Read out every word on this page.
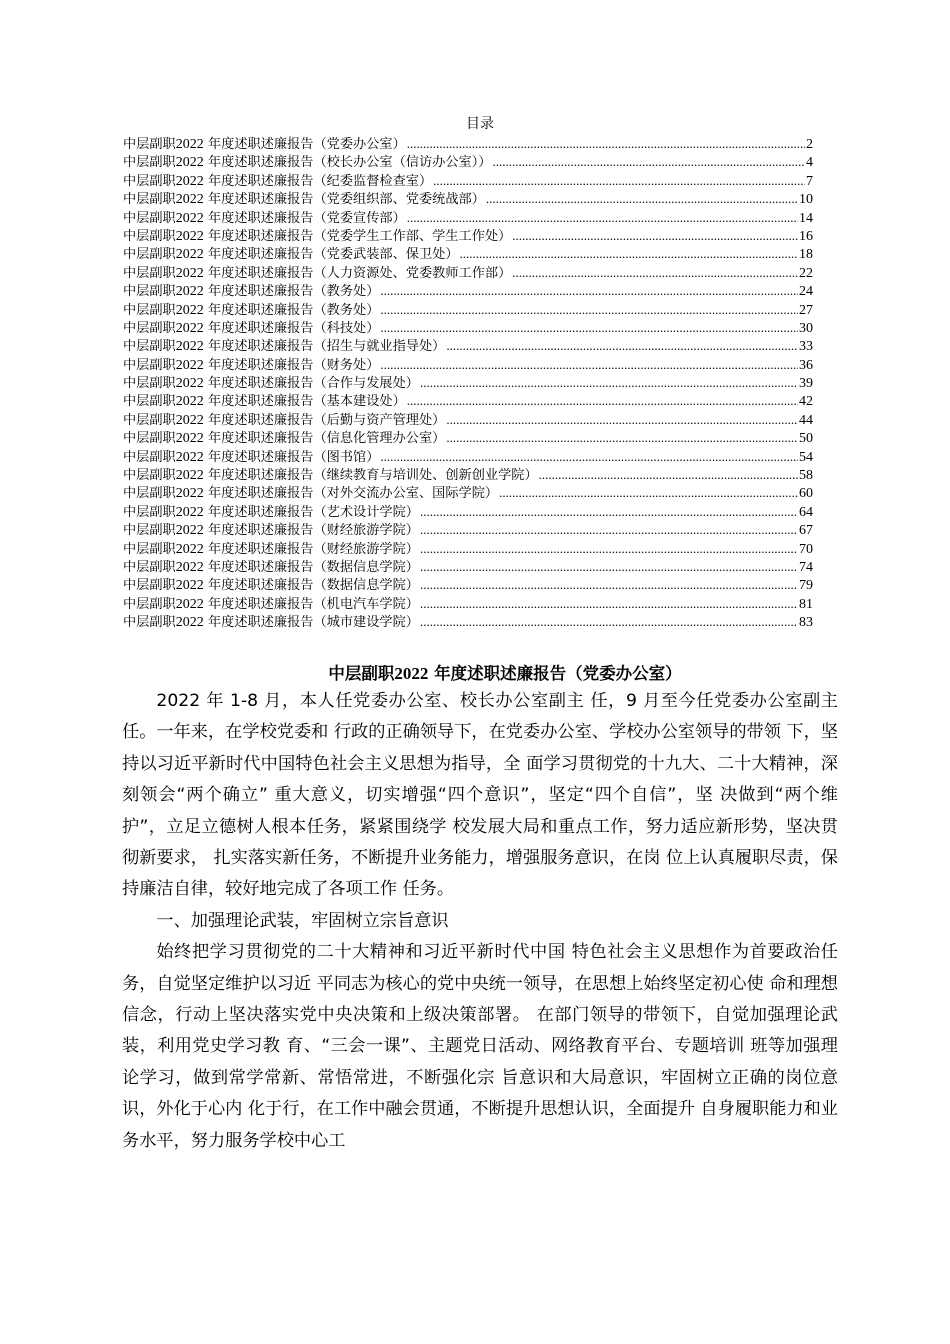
目录
中层副职2022 年度述职述廉报告（党委办公室） .....	2
中层副职2022 年度述职述廉报告（校长办公室（信访办公室）） .....	4
中层副职2022 年度述职述廉报告（纪委监督检查室） .....	7
中层副职2022 年度述职述廉报告（党委组织部、党委统战部） .....	10
中层副职2022 年度述职述廉报告（党委宣传部） .....	14
中层副职2022 年度述职述廉报告（党委学生工作部、学生工作处） .....	16
中层副职2022 年度述职述廉报告（党委武装部、保卫处） .....	18
中层副职2022 年度述职述廉报告（人力资源处、党委教师工作部） .....	22
中层副职2022 年度述职述廉报告（教务处） .....	24
中层副职2022 年度述职述廉报告（教务处） .....	27
中层副职2022 年度述职述廉报告（科技处） .....	30
中层副职2022 年度述职述廉报告（招生与就业指导处） .....	33
中层副职2022 年度述职述廉报告（财务处） .....	36
中层副职2022 年度述职述廉报告（合作与发展处） .....	39
中层副职2022 年度述职述廉报告（基本建设处） .....	42
中层副职2022 年度述职述廉报告（后勤与资产管理处） .....	44
中层副职2022 年度述职述廉报告（信息化管理办公室） .....	50
中层副职2022 年度述职述廉报告（图书馆） .....	54
中层副职2022 年度述职述廉报告（继续教育与培训处、创新创业学院） .....	58
中层副职2022 年度述职述廉报告（对外交流办公室、国际学院） .....	60
中层副职2022 年度述职述廉报告（艺术设计学院） .....	64
中层副职2022 年度述职述廉报告（财经旅游学院） .....	67
中层副职2022 年度述职述廉报告（财经旅游学院） .....	70
中层副职2022 年度述职述廉报告（数据信息学院） .....	74
中层副职2022 年度述职述廉报告（数据信息学院） .....	79
中层副职2022 年度述职述廉报告（机电汽车学院） .....	81
中层副职2022 年度述职述廉报告（城市建设学院） .....	83
中层副职2022 年度述职述廉报告（党委办公室）

2022 年 1-8 月，本人任党委办公室、校长办公室副主 任，9 月至今任党委办公室副主任。一年来，在学校党委和 行政的正确领导下，在党委办公室、学校办公室领导的带领 下，坚持以习近平新时代中国特色社会主义思想为指导，全 面学习贯彻党的十九大、二十大精神，深刻领会“两个确立” 重大意义，切实增强“四个意识”，坚定“四个自信”，坚 决做到“两个维护”，立足立德树人根本任务，紧紧围绕学 校发展大局和重点工作，努力适应新形势，坚决贯彻新要求， 扎实落实新任务，不断提升业务能力，增强服务意识，在岗 位上认真履职尽责，保持廉洁自律，较好地完成了各项工作 任务。

一、加强理论武装，牢固树立宗旨意识

始终把学习贯彻党的二十大精神和习近平新时代中国 特色社会主义思想作为首要政治任务，自觉坚定维护以习近 平同志为核心的党中央统一领导，在思想上始终坚定初心使 命和理想信念，行动上坚决落实党中央决策和上级决策部署。 在部门领导的带领下，自觉加强理论武装，利用党史学习教 育、“三会一课”、主题党日活动、网络教育平台、专题培训 班等加强理论学习，做到常学常新、常悟常进，不断强化宗 旨意识和大局意识，牢固树立正确的岗位意识，外化于心内 化于行，在工作中融会贯通，不断提升思想认识，全面提升 自身履职能力和业务水平，努力服务学校中心工
